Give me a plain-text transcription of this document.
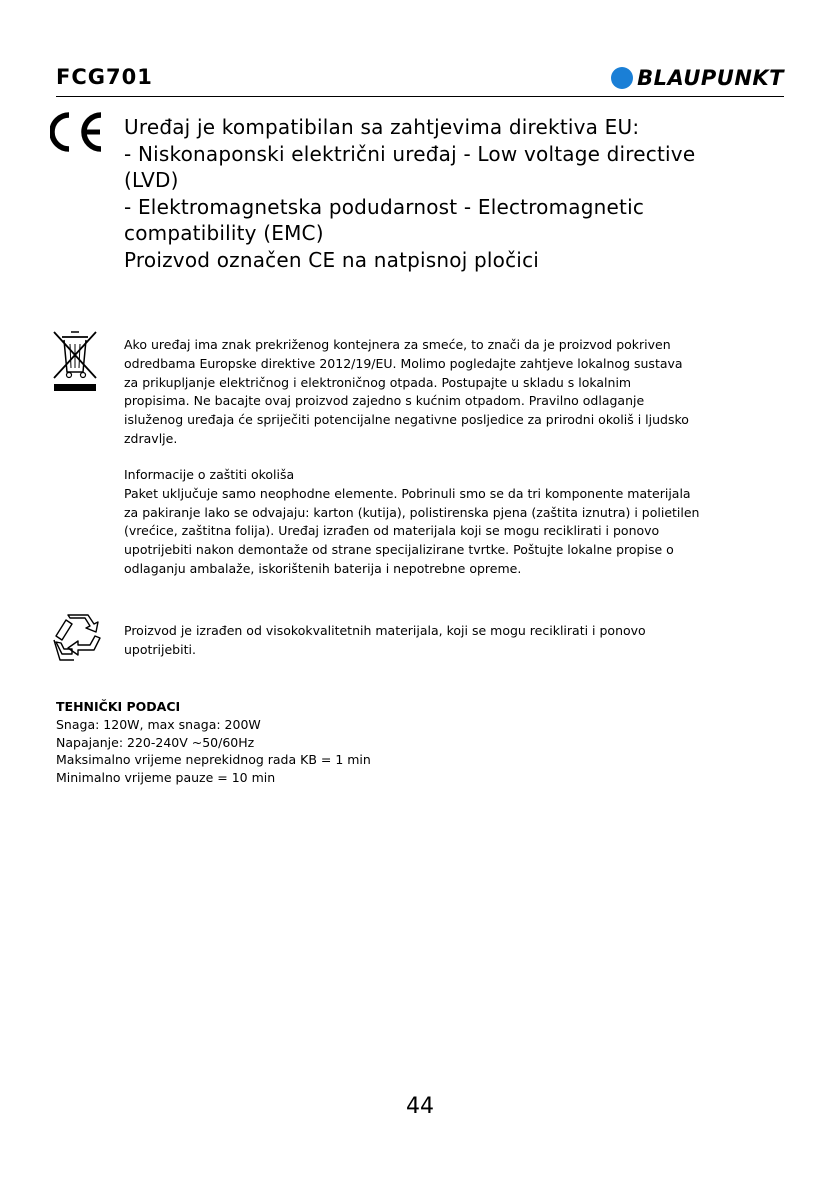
FCG701	BLAUPUNKT
Uređaj je kompatibilan sa zahtjevima direktiva EU:
- Niskonaponski električni uređaj - Low voltage directive
(LVD)
- Elektromagnetska podudarnost - Electromagnetic
compatibility (EMC)
Proizvod označen CE na natpisnoj pločici
Ako uređaj ima znak prekriženog kontejnera za smeće, to znači da je proizvod pokriven
odredbama Europske direktive 2012/19/EU. Molimo pogledajte zahtjeve lokalnog sustava
za prikupljanje električnog i elektroničnog otpada. Postupajte u skladu s lokalnim
propisima. Ne bacajte ovaj proizvod zajedno s kućnim otpadom. Pravilno odlaganje
isluženog uređaja će spriječiti potencijalne negativne posljedice za prirodni okoliš i ljudsko
zdravlje.
Informacije o zaštiti okoliša
Paket uključuje samo neophodne elemente. Pobrinuli smo se da tri komponente materijala
za pakiranje lako se odvajaju: karton (kutija), polistirenska pjena (zaštita iznutra) i polietilen
(vrećice, zaštitna folija). Uređaj izrađen od materijala koji se mogu reciklirati i ponovo
upotrijebiti nakon demontaže od strane specijalizirane tvrtke. Poštujte lokalne propise o
odlaganju ambalaže, iskorištenih baterija i nepotrebne opreme.
Proizvod je izrađen od visokokvalitetnih materijala, koji se mogu reciklirati i ponovo
upotrijebiti.
TEHNIČKI PODACI
Snaga: 120W, max snaga: 200W
Napajanje: 220-240V ~50/60Hz
Maksimalno vrijeme neprekidnog rada KB = 1 min
Minimalno vrijeme pauze = 10 min
44
